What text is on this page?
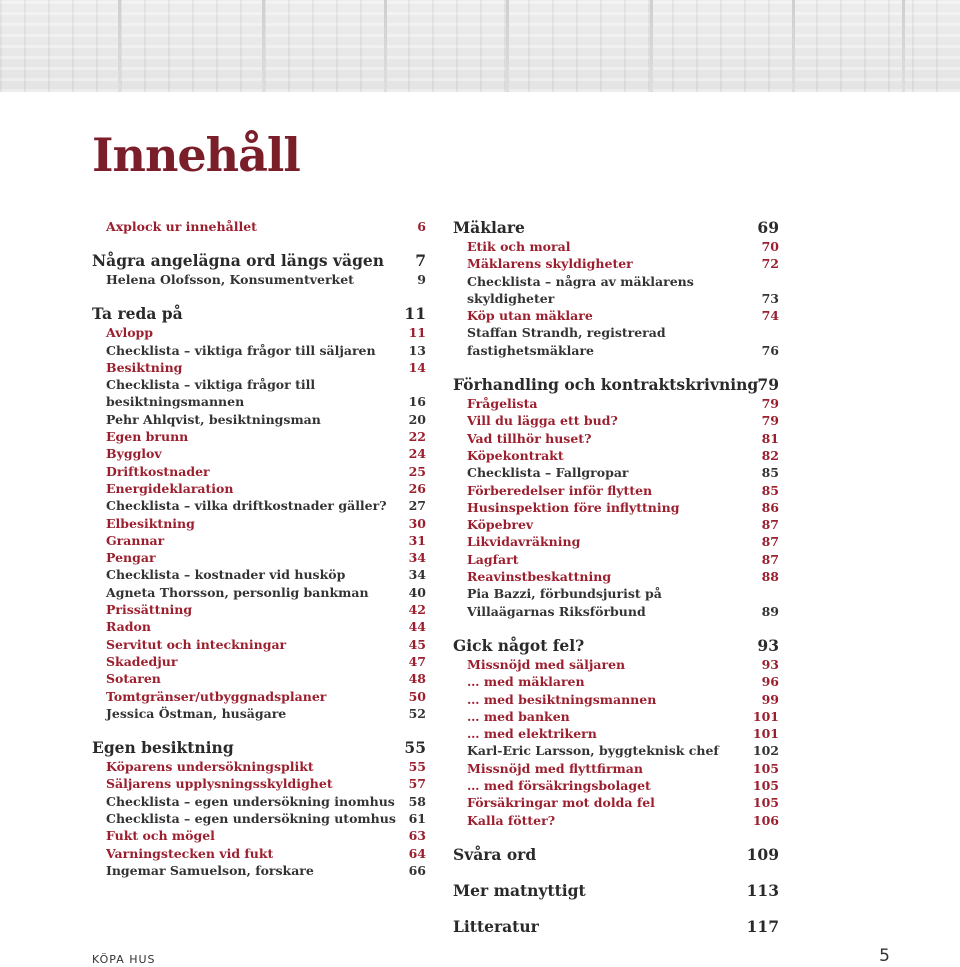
Innehåll
Axplock ur innehållet	6
Några angelägna ord längs vägen	7
Helena Olofsson, Konsumentverket	9
Ta reda på	11
Avlopp	11
Checklista – viktiga frågor till säljaren	13
Besiktning	14
Checklista – viktiga frågor till besiktningsmannen	16
Pehr Ahlqvist, besiktningsman	20
Egen brunn	22
Bygglov	24
Driftkostnader	25
Energideklaration	26
Checklista – vilka driftkostnader gäller?	27
Elbesiktning	30
Grannar	31
Pengar	34
Checklista – kostnader vid husköp	34
Agneta Thorsson, personlig bankman	40
Prissättning	42
Radon	44
Servitut och inteckningar	45
Skadedjur	47
Sotaren	48
Tomtgränser/utbyggnadsplaner	50
Jessica Östman, husägare	52
Egen besiktning	55
Köparens undersökningsplikt	55
Säljarens upplysningsskyldighet	57
Checklista – egen undersökning inomhus	58
Checklista – egen undersökning utomhus	61
Fukt och mögel	63
Varningstecken vid fukt	64
Ingemar Samuelson, forskare	66
Mäklare	69
Etik och moral	70
Mäklarens skyldigheter	72
Checklista – några av mäklarens skyldigheter	73
Köp utan mäklare	74
Staffan Strandh, registrerad fastighetsmäklare	76
Förhandling och kontraktskrivning 79
Frågelista	79
Vill du lägga ett bud?	79
Vad tillhör huset?	81
Köpekontrakt	82
Checklista – Fallgropar	85
Förberedelser inför flytten	85
Husinspektion före inflyttning	86
Köpebrev	87
Likvidavräkning	87
Lagfart	87
Reavinstbeskattning	88
Pia Bazzi, förbundsjurist på Villaägarnas Riksförbund	89
Gick något fel?	93
Missnöjd med säljaren	93
… med mäklaren	96
… med besiktningsmannen	99
… med banken	101
… med elektrikern	101
Karl-Eric Larsson, byggteknisk chef	102
Missnöjd med flyttfirman	105
… med försäkringsbolaget	105
Försäkringar mot dolda fel	105
Kalla fötter?	106
Svåra ord	109
Mer matnyttigt	113
Litteratur	117
KÖPA HUS	5
